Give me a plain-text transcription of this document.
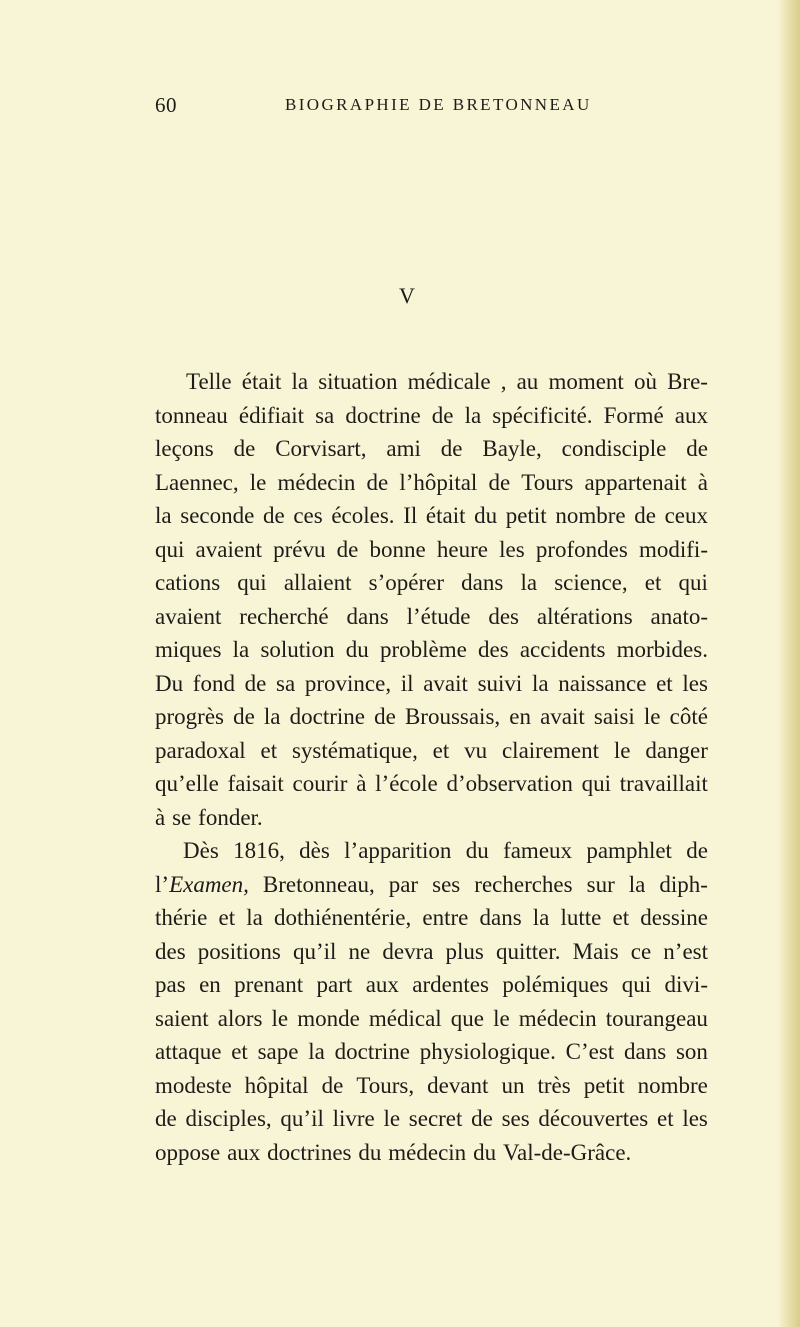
60	BIOGRAPHIE DE BRETONNEAU
V
Telle était la situation médicale , au moment où Bre-
tonneau édifiait sa doctrine de la spécificité. Formé aux
leçons de Corvisart, ami de Bayle, condisciple de
Laennec, le médecin de l’hôpital de Tours appartenait à
la seconde de ces écoles. Il était du petit nombre de ceux
qui avaient prévu de bonne heure les profondes modifi-
cations qui allaient s’opérer dans la science, et qui
avaient recherché dans l’étude des altérations anato-
miques la solution du problème des accidents morbides.
Du fond de sa province, il avait suivi la naissance et les
progrès de la doctrine de Broussais, en avait saisi le côté
paradoxal et systématique, et vu clairement le danger
qu’elle faisait courir à l’école d’observation qui travaillait
à se fonder.
Dès 1816, dès l’apparition du fameux pamphlet de
l’Examen, Bretonneau, par ses recherches sur la diph-
thérie et la dothiénentérie, entre dans la lutte et dessine
des positions qu’il ne devra plus quitter. Mais ce n’est
pas en prenant part aux ardentes polémiques qui divi-
saient alors le monde médical que le médecin tourangeau
attaque et sape la doctrine physiologique. C’est dans son
modeste hôpital de Tours, devant un très petit nombre
de disciples, qu’il livre le secret de ses découvertes et les
oppose aux doctrines du médecin du Val-de-Grâce.
